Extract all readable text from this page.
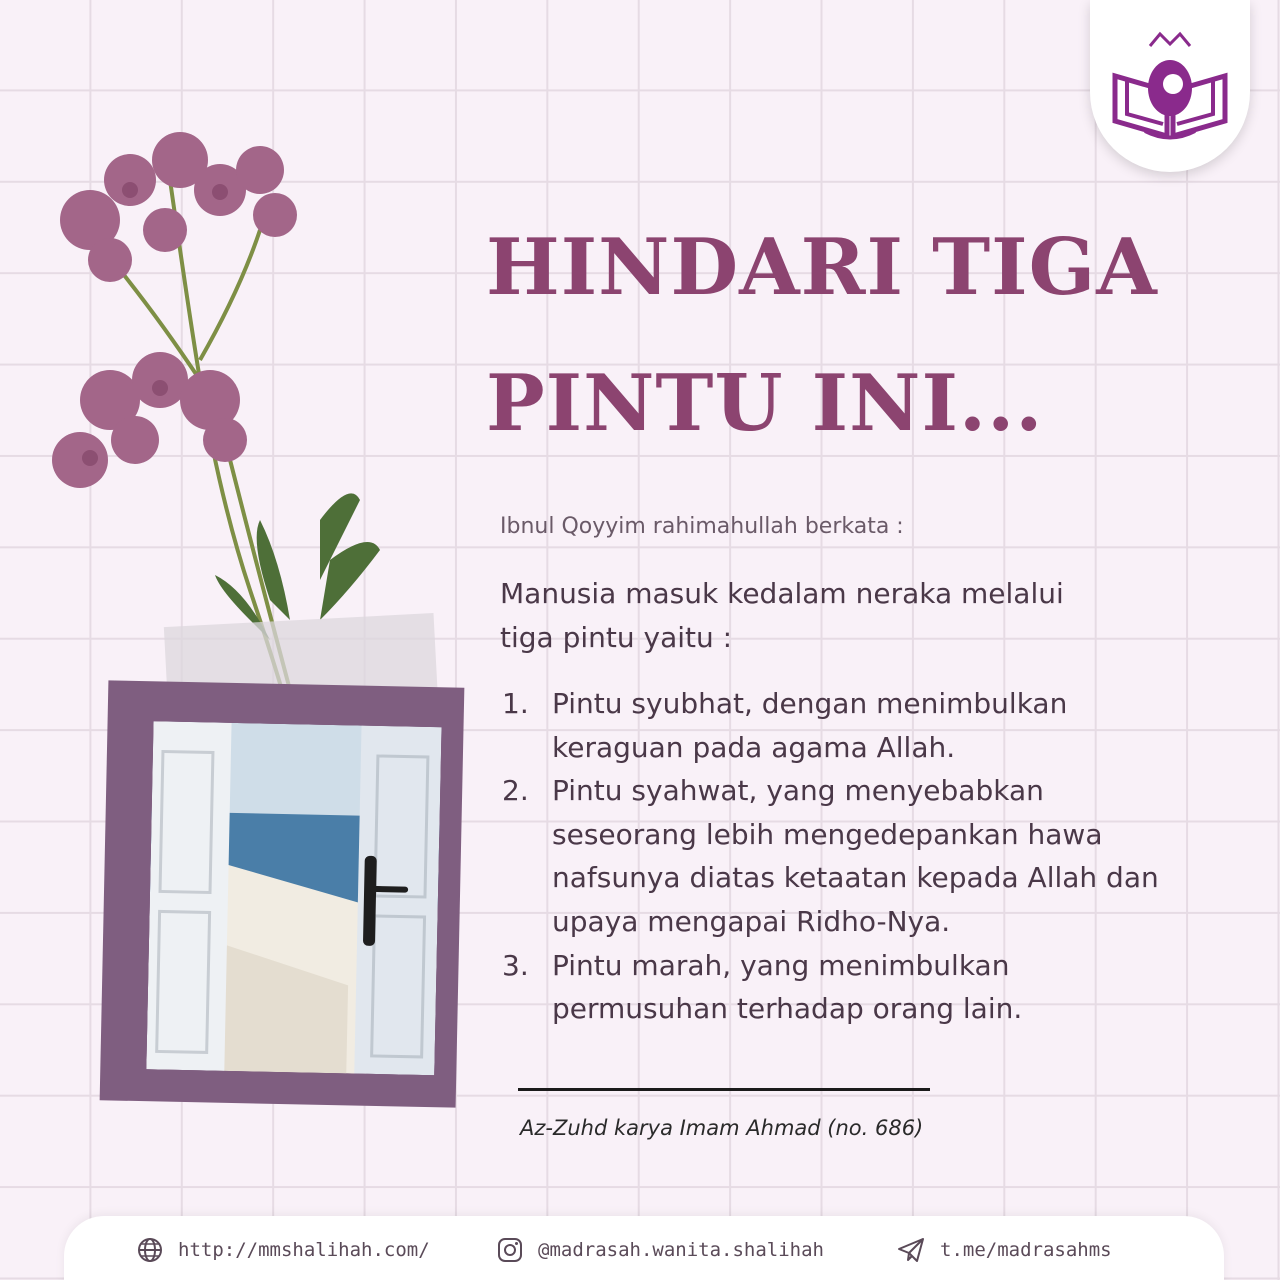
HINDARI TIGA
PINTU INI...

Ibnul Qoyyim rahimahullah berkata :

Manusia masuk kedalam neraka melalui
tiga pintu yaitu :

1. Pintu syubhat, dengan menimbulkan
keraguan pada agama Allah.
2. Pintu syahwat, yang menyebabkan
seseorang lebih mengedepankan hawa
nafsunya diatas ketaatan kepada Allah dan
upaya mengapai Ridho-Nya.
3. Pintu marah, yang menimbulkan
permusuhan terhadap orang lain.

Az-Zuhd karya Imam Ahmad (no. 686)

http://mmshalihah.com/	@madrasah.wanita.shalihah	t.me/madrasahms
